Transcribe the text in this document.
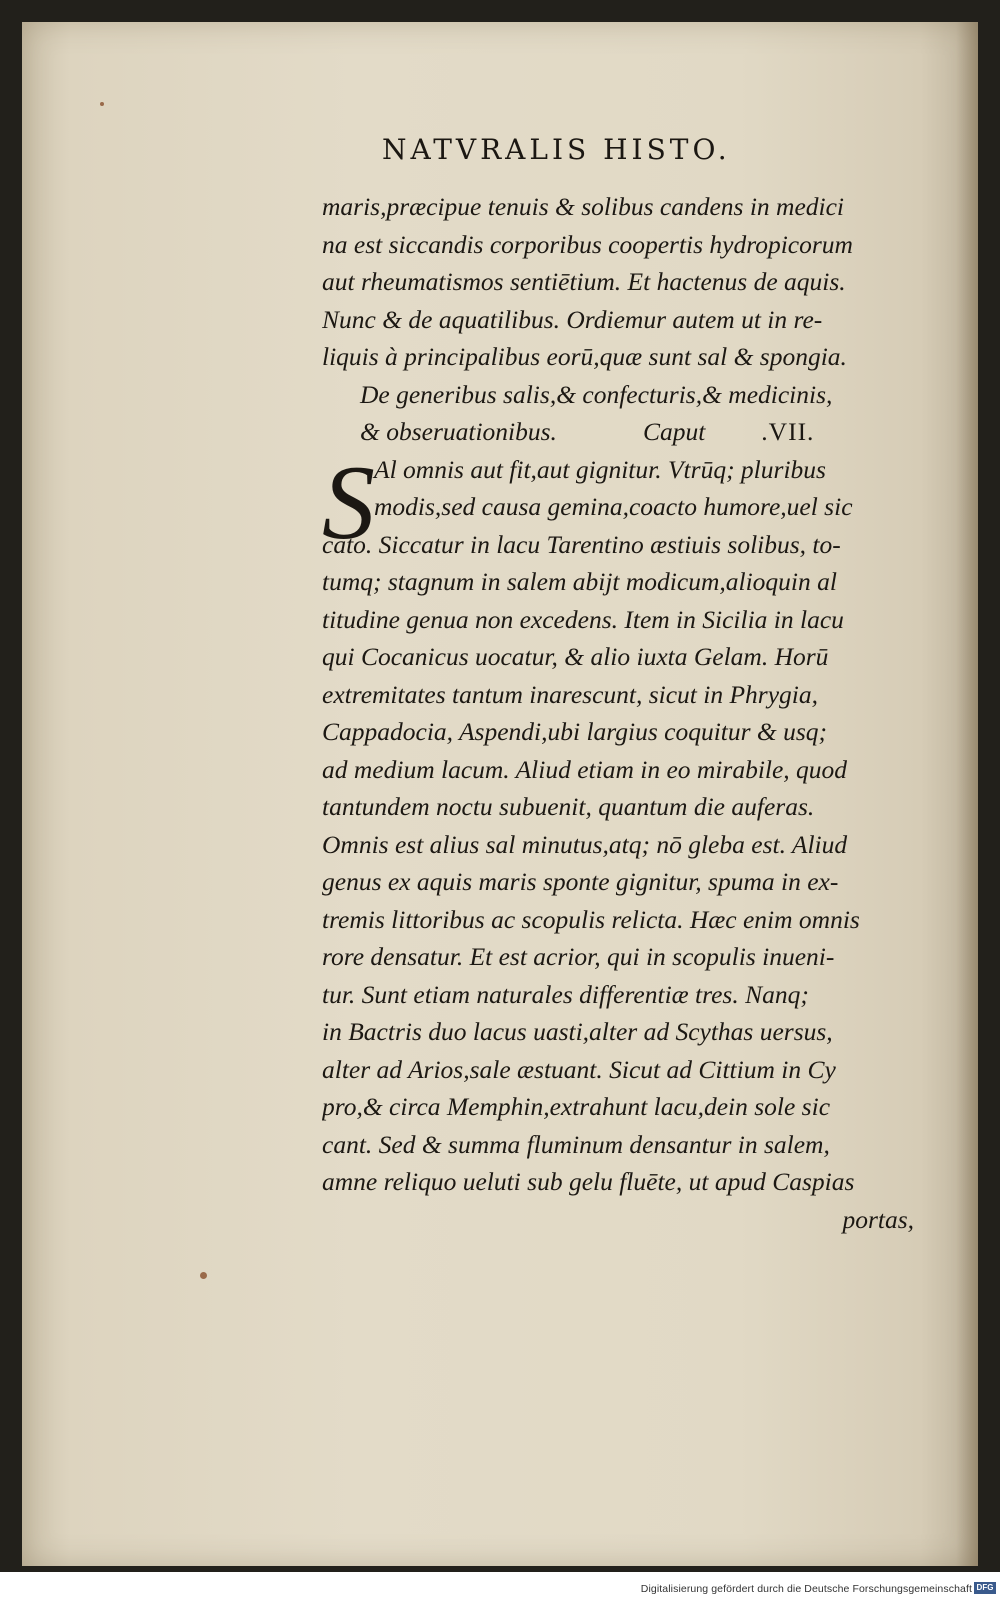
NATVRALIS HISTO.
S
maris,præcipue tenuis & solibus candens in medici
na est siccandis corporibus coopertis hydropicorum
aut rheumatismos sentiētium. Et hactenus de aquis.
Nunc & de aquatilibus. Ordiemur autem ut in re-
liquis à principalibus eorū,quæ sunt sal & spongia.
De generibus salis,& confecturis,& medicinis,
& obseruationibus.	Caput .VII.
Al omnis aut fit,aut gignitur. Vtrūq; pluribus
modis,sed causa gemina,coacto humore,uel sic
cato. Siccatur in lacu Tarentino æstiuis solibus, to-
tumq; stagnum in salem abijt modicum,alioquin al
titudine genua non excedens. Item in Sicilia in lacu
qui Cocanicus uocatur, & alio iuxta Gelam. Horū
extremitates tantum inarescunt, sicut in Phrygia,
Cappadocia, Aspendi,ubi largius coquitur & usq;
ad medium lacum. Aliud etiam in eo mirabile, quod
tantundem noctu subuenit, quantum die auferas.
Omnis est alius sal minutus,atq; nō gleba est. Aliud
genus ex aquis maris sponte gignitur, spuma in ex-
tremis littoribus ac scopulis relicta. Hæc enim omnis
rore densatur. Et est acrior, qui in scopulis inueni-
tur. Sunt etiam naturales differentiæ tres. Nanq;
in Bactris duo lacus uasti,alter ad Scythas uersus,
alter ad Arios,sale æstuant. Sicut ad Cittium in Cy
pro,& circa Memphin,extrahunt lacu,dein sole sic
cant. Sed & summa fluminum densantur in salem,
amne reliquo ueluti sub gelu fluēte, ut apud Caspias
portas,
Digitalisierung gefördert durch die Deutsche Forschungsgemeinschaft DFG
